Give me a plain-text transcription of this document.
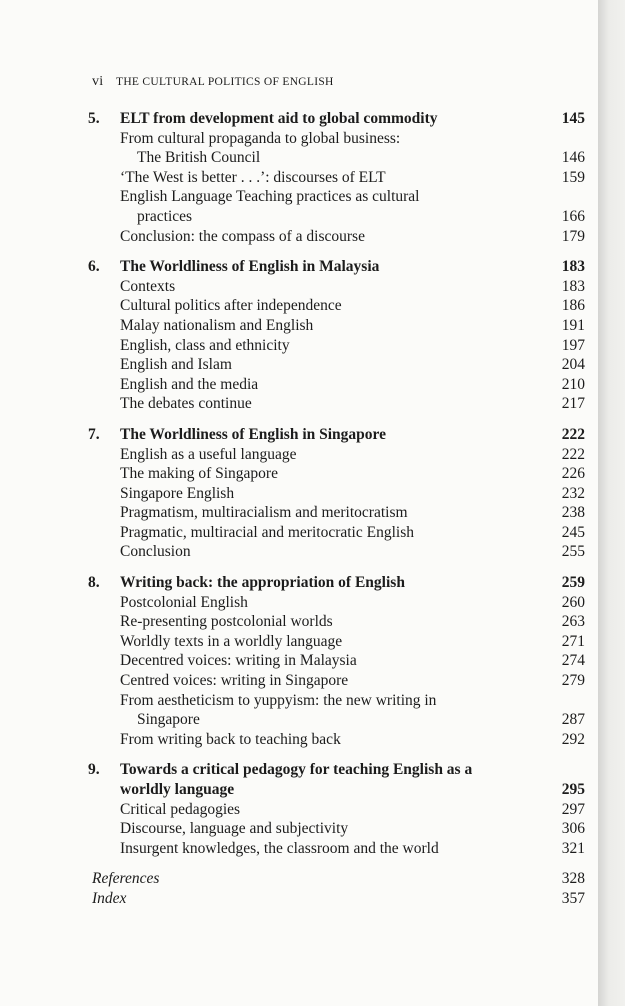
vi THE CULTURAL POLITICS OF ENGLISH
5. ELT from development aid to global commodity	145
From cultural propaganda to global business:
The British Council	146
‘The West is better . . .’: discourses of ELT	159
English Language Teaching practices as cultural
practices	166
Conclusion: the compass of a discourse	179
6. The Worldliness of English in Malaysia	183
Contexts	183
Cultural politics after independence	186
Malay nationalism and English	191
English, class and ethnicity	197
English and Islam	204
English and the media	210
The debates continue	217
7. The Worldliness of English in Singapore	222
English as a useful language	222
The making of Singapore	226
Singapore English	232
Pragmatism, multiracialism and meritocratism	238
Pragmatic, multiracial and meritocratic English	245
Conclusion	255
8. Writing back: the appropriation of English	259
Postcolonial English	260
Re-presenting postcolonial worlds	263
Worldly texts in a worldly language	271
Decentred voices: writing in Malaysia	274
Centred voices: writing in Singapore	279
From aestheticism to yuppyism: the new writing in
Singapore	287
From writing back to teaching back	292
9. Towards a critical pedagogy for teaching English as a
worldly language	295
Critical pedagogies	297
Discourse, language and subjectivity	306
Insurgent knowledges, the classroom and the world	321
References	328
Index	357
